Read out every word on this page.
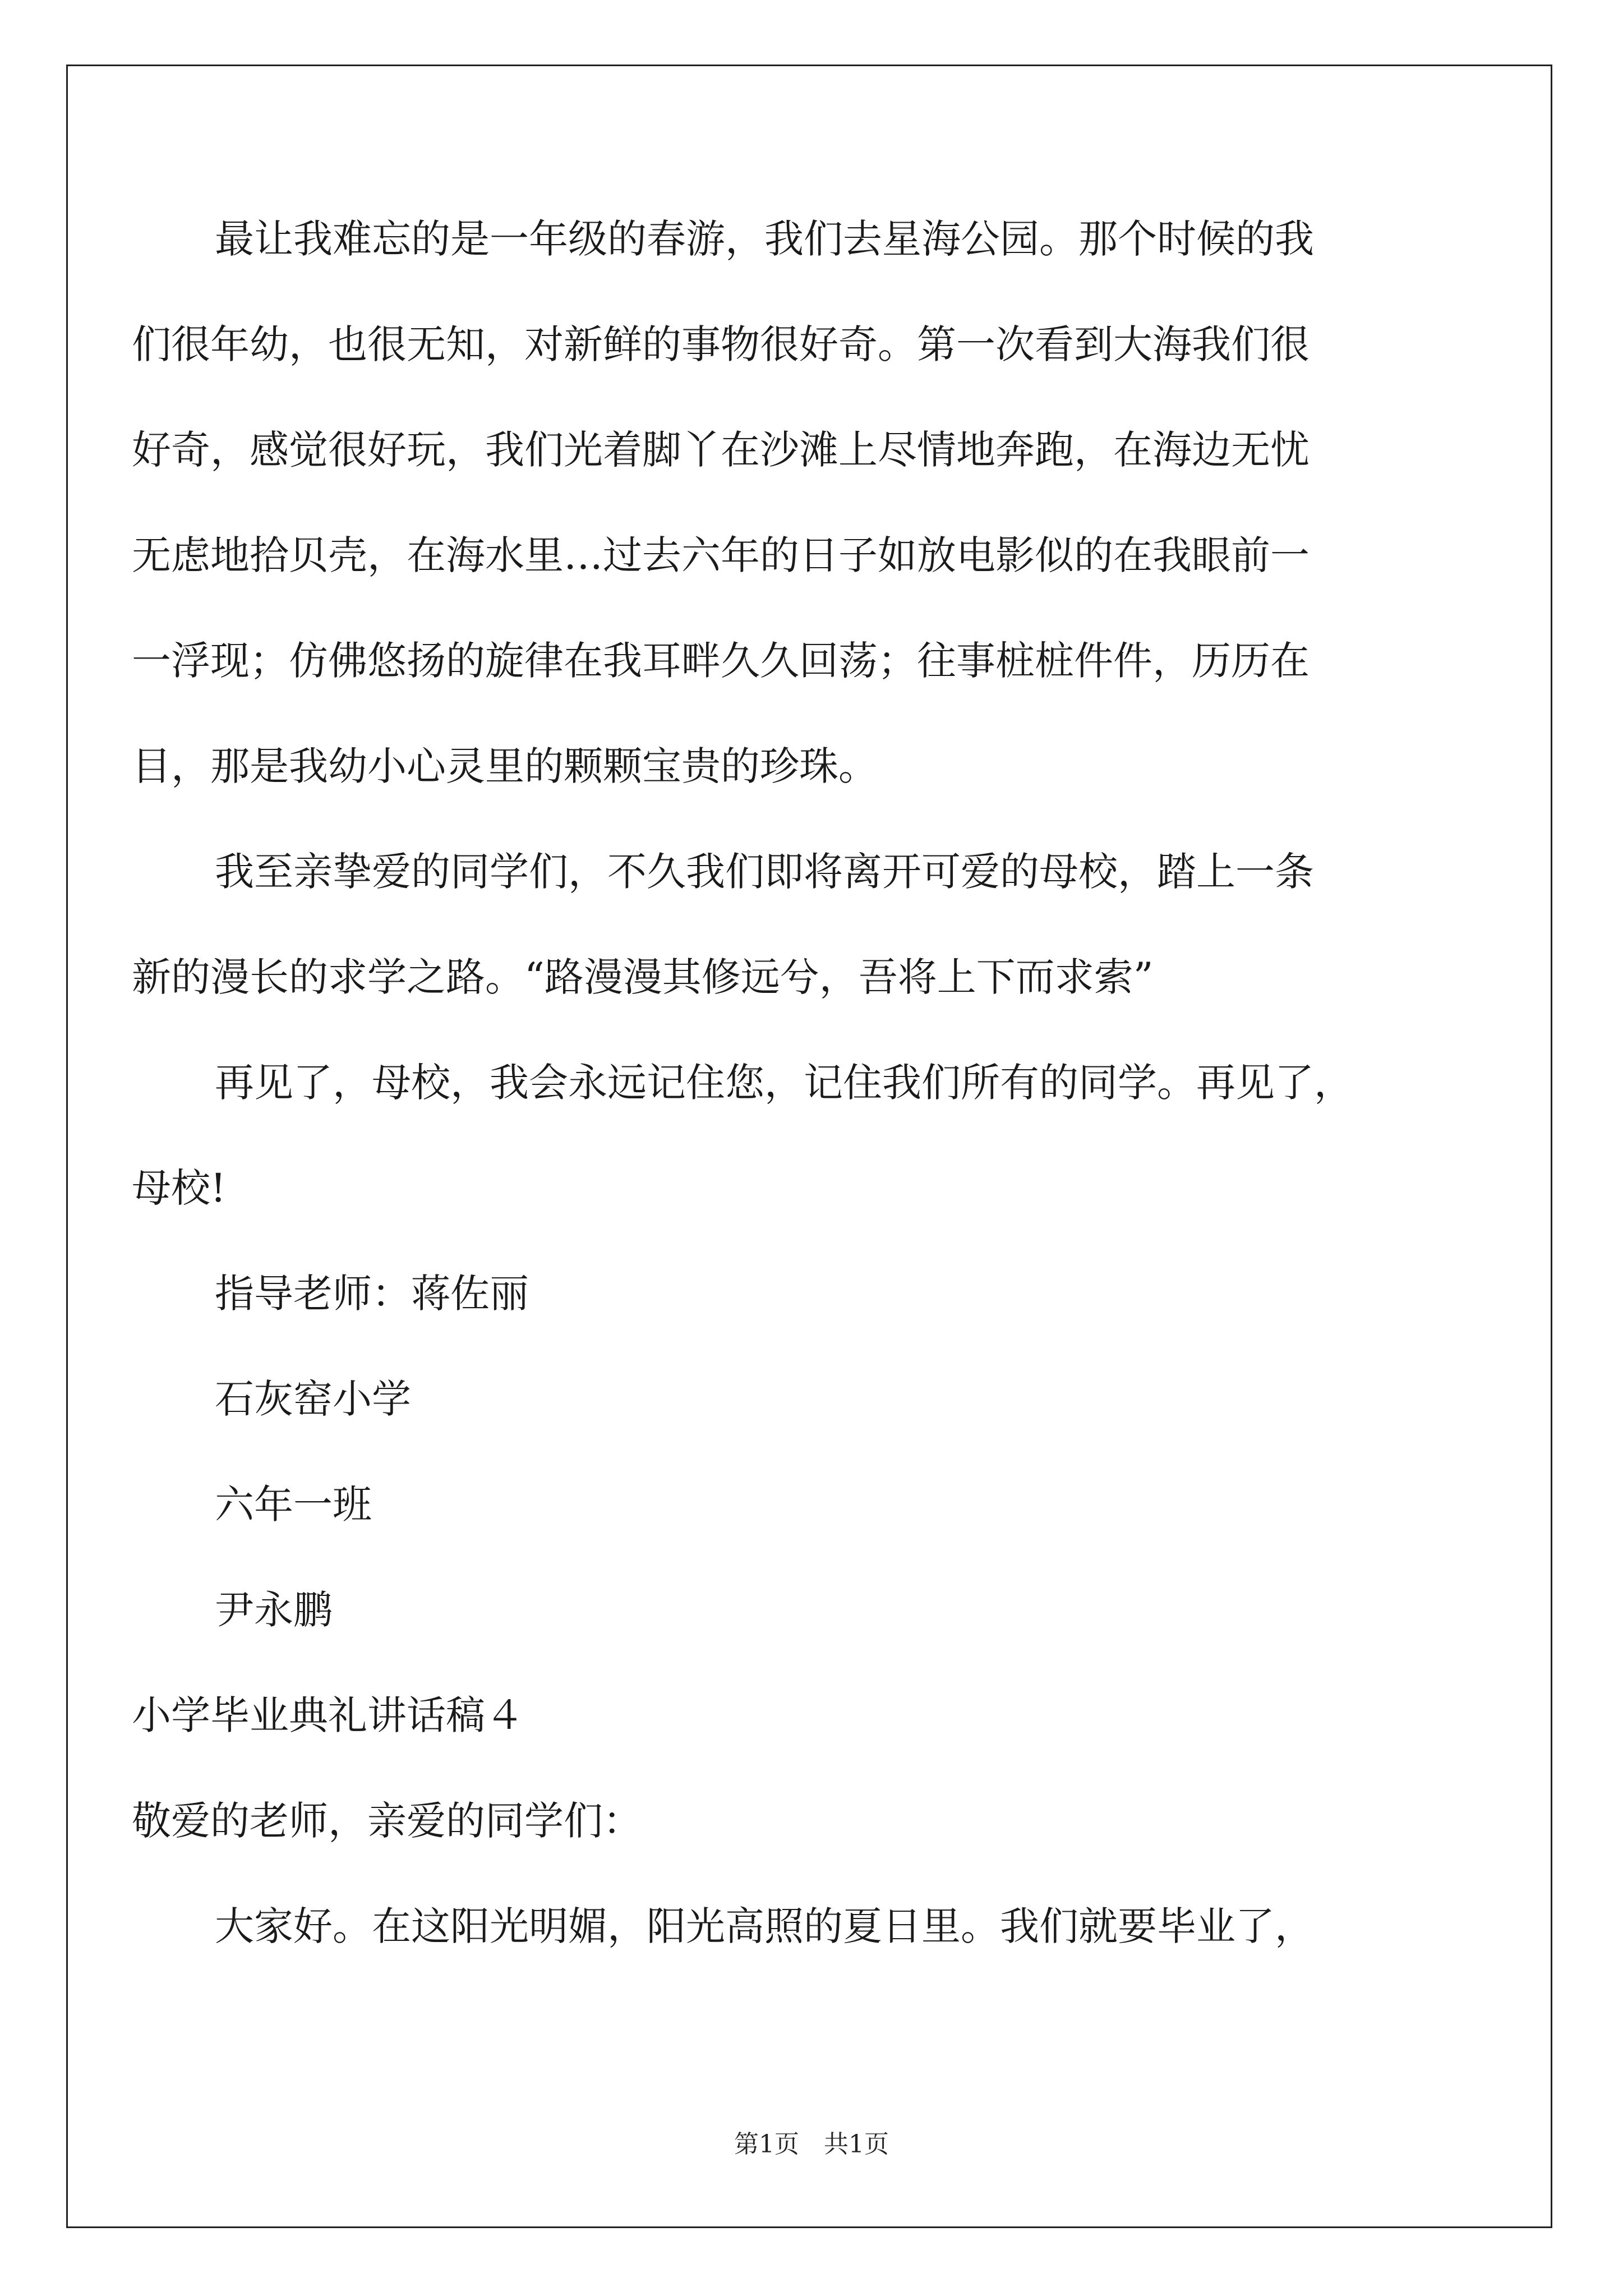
最让我难忘的是一年级的春游，我们去星海公园。那个时候的我
们很年幼，也很无知，对新鲜的事物很好奇。第一次看到大海我们很
好奇，感觉很好玩，我们光着脚丫在沙滩上尽情地奔跑，在海边无忧
无虑地拾贝壳，在海水里…过去六年的日子如放电影似的在我眼前一
一浮现；仿佛悠扬的旋律在我耳畔久久回荡；往事桩桩件件，历历在
目，那是我幼小心灵里的颗颗宝贵的珍珠。
我至亲挚爱的同学们，不久我们即将离开可爱的母校，踏上一条
新的漫长的求学之路。“路漫漫其修远兮，吾将上下而求索”
再见了，母校，我会永远记住您，记住我们所有的同学。再见了，
母校!
指导老师：蒋佐丽
石灰窑小学
六年一班
尹永鹏
小学毕业典礼讲话稿４
敬爱的老师，亲爱的同学们：
大家好。在这阳光明媚，阳光高照的夏日里。我们就要毕业了，
第1页　共1页
